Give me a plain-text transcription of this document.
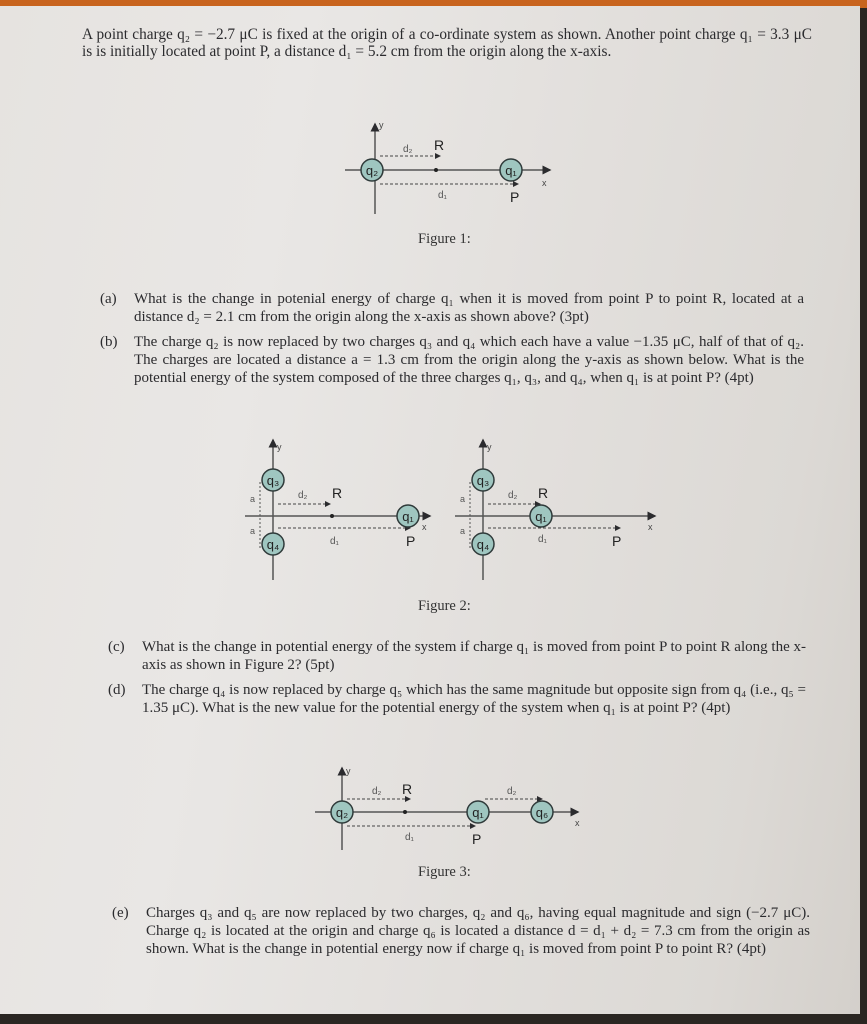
A point charge q₂ = −2.7 μC is fixed at the origin of a co-ordinate system as shown. Another point charge q₁ = 3.3 μC is is initially located at point P, a distance d₁ = 5.2 cm from the origin along the x-axis.
y
x
d₂ R
d₁	P
q₂	q₁
Figure 1:
(a) What is the change in potenial energy of charge q₁ when it is moved from point P to point R, located at a distance d₂ = 2.1 cm from the origin along the x-axis as shown above? (3pt)
(b) The charge q₂ is now replaced by two charges q₃ and q₄ which each have a value −1.35 μC, half of that of q₂. The charges are located a distance a = 1.3 cm from the origin along the y-axis as shown below. What is the potential energy of the system composed of the three charges q₁, q₃, and q₄, when q₁ is at point P? (4pt)
y
x
a
a
d₂ R
d₁	P
q₃
q₄
q₁
y
x
a
a
d₂ R
d₁	P
q₃
q₄
q₁
Figure 2:
(c) What is the change in potential energy of the system if charge q₁ is moved from point P to point R along the x-axis as shown in Figure 2? (5pt)
(d) The charge q₄ is now replaced by charge q₅ which has the same magnitude but opposite sign from q₄ (i.e., q₅ = 1.35 μC). What is the new value for the potential energy of the system when q₁ is at point P? (4pt)
y
x
d₂ R
d₁	P
d₂
q₂	q₁	q₆
Figure 3:
(e) Charges q₃ and q₅ are now replaced by two charges, q₂ and q₆, having equal magnitude and sign (−2.7 μC). Charge q₂ is located at the origin and charge q₆ is located a distance d = d₁ + d₂ = 7.3 cm from the origin as shown. What is the change in potential energy now if charge q₁ is moved from point P to point R? (4pt)
